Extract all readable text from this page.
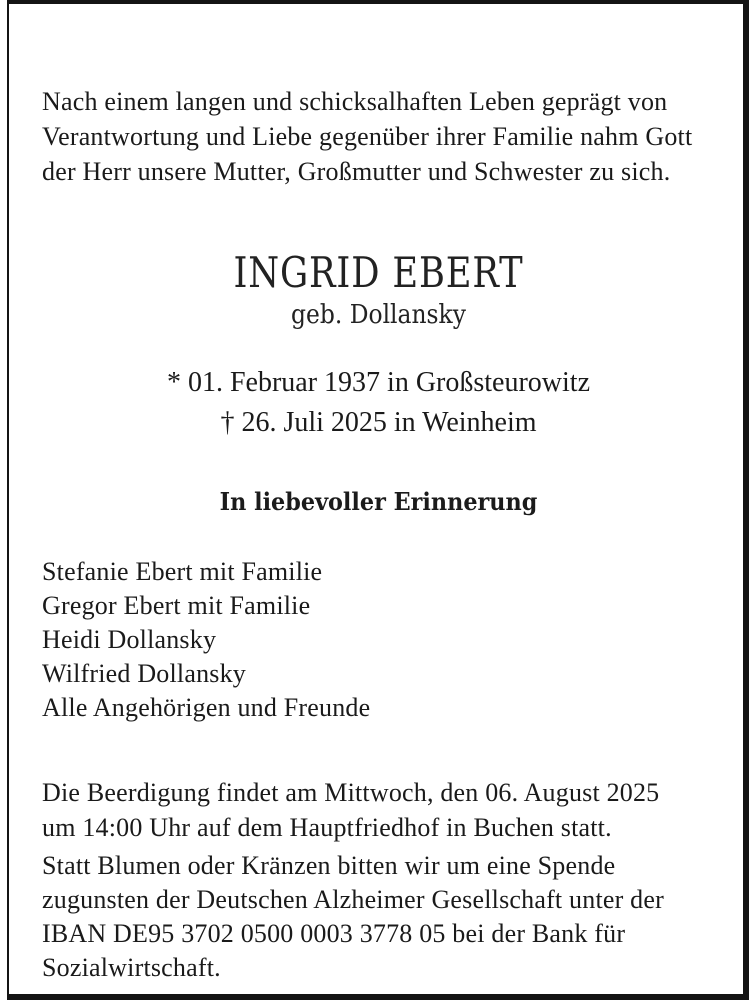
Nach einem langen und schicksalhaften Leben geprägt von
Verantwortung und Liebe gegenüber ihrer Familie nahm Gott
der Herr unsere Mutter, Großmutter und Schwester zu sich.
INGRID EBERT
geb. Dollansky
* 01. Februar 1937 in Großsteurowitz
† 26. Juli 2025 in Weinheim
In liebevoller Erinnerung
Stefanie Ebert mit Familie
Gregor Ebert mit Familie
Heidi Dollansky
Wilfried Dollansky
Alle Angehörigen und Freunde
Die Beerdigung findet am Mittwoch, den 06. August 2025
um 14:00 Uhr auf dem Hauptfriedhof in Buchen statt.
Statt Blumen oder Kränzen bitten wir um eine Spende
zugunsten der Deutschen Alzheimer Gesellschaft unter der
IBAN DE95 3702 0500 0003 3778 05 bei der Bank für
Sozialwirtschaft.
